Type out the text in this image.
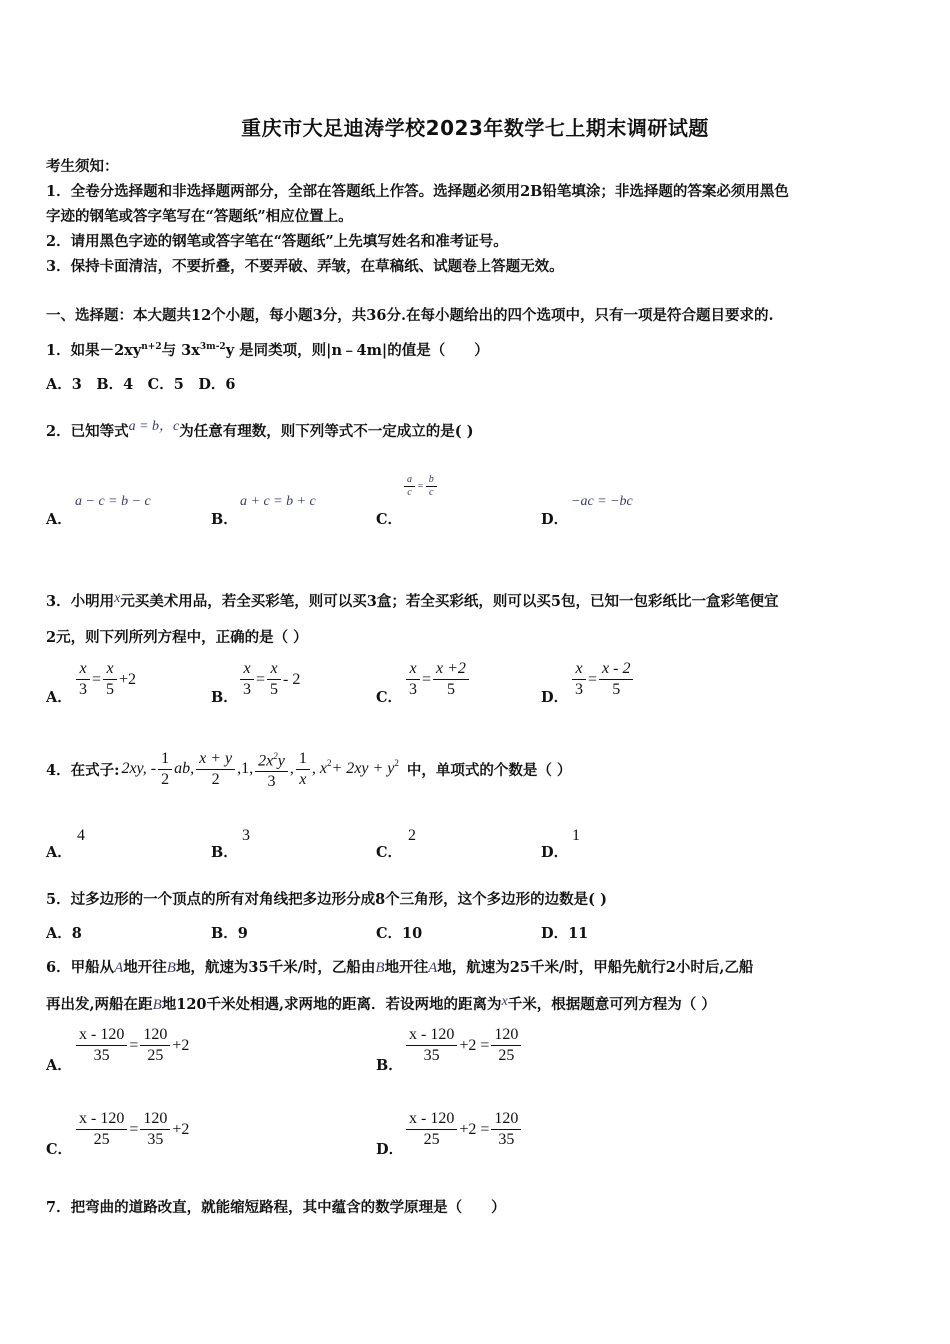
重庆市大足迪涛学校2023年数学七上期末调研试题
考生须知：
1．全卷分选择题和非选择题两部分，全部在答题纸上作答。选择题必须用2B铅笔填涂；非选择题的答案必须用黑色
字迹的钢笔或答字笔写在“答题纸”相应位置上。
2．请用黑色字迹的钢笔或答字笔在“答题纸”上先填写姓名和准考证号。
3．保持卡面清洁，不要折叠，不要弄破、弄皱，在草稿纸、试题卷上答题无效。
一、选择题：本大题共12个小题，每小题3分，共36分.在每小题给出的四个选项中，只有一项是符合题目要求的.
1．如果$-2xy^{n+2}$与 $3x^{3m-2}y$ 是同类项，则|n﹣4m|的值是（　　）
A．3　B．4　C．5　D．6
2．已知等式a = b，c为任意有理数，则下列等式不一定成立的是( )
A．
a − c = b − c
B．
a + c = b + c
C．
$\frac{a}{c} = \frac{b}{c}$
D．
−ac = −bc
3．小明用x元买美术用品，若全买彩笔，则可以买3盒；若全买彩纸，则可以买5包，已知一包彩纸比一盒彩笔便宜
2元，则下列所列方程中，正确的是（ ）
A． $\frac{x}{3} = \frac{x}{5} +2$
B． $\frac{x}{3} = \frac{x}{5} - 2$
C． $\frac{x}{3} = \frac{x +2}{5}$	D． $\frac{x}{3} = \frac{x - 2}{5}$
4．在式子: 2xy, - $\frac{1}{2}$ ab, $\frac{x + y}{2} ,1$, $\frac{2x^2y}{3}$ , $\frac{1}{x}$ , $x^2 + 2xy + y^2$ 中，单项式的个数是（ ）
A．
4
B．
3
C．
2
D．
1
5．过多边形的一个顶点的所有对角线把多边形分成8个三角形，这个多边形的边数是( )
A．8	B．9	C．10	D．11
6．甲船从A地开往B地，航速为35千米/时，乙船由B地开往A地，航速为25千米/时，甲船先航行2小时后,乙船
再出发,两船在距B地120千米处相遇,求两地的距离．若设两地的距离为x千米，根据题意可列方程为（ ）
A． $\frac{x - 120}{35} = \frac{120}{25} +2$
B． $\frac{x - 120}{35} +2 = \frac{120}{25}$
C． $\frac{x - 120}{25} = \frac{120}{35} +2$
D． $\frac{x - 120}{25} +2 = \frac{120}{35}$
7．把弯曲的道路改直，就能缩短路程，其中蕴含的数学原理是（　　）
